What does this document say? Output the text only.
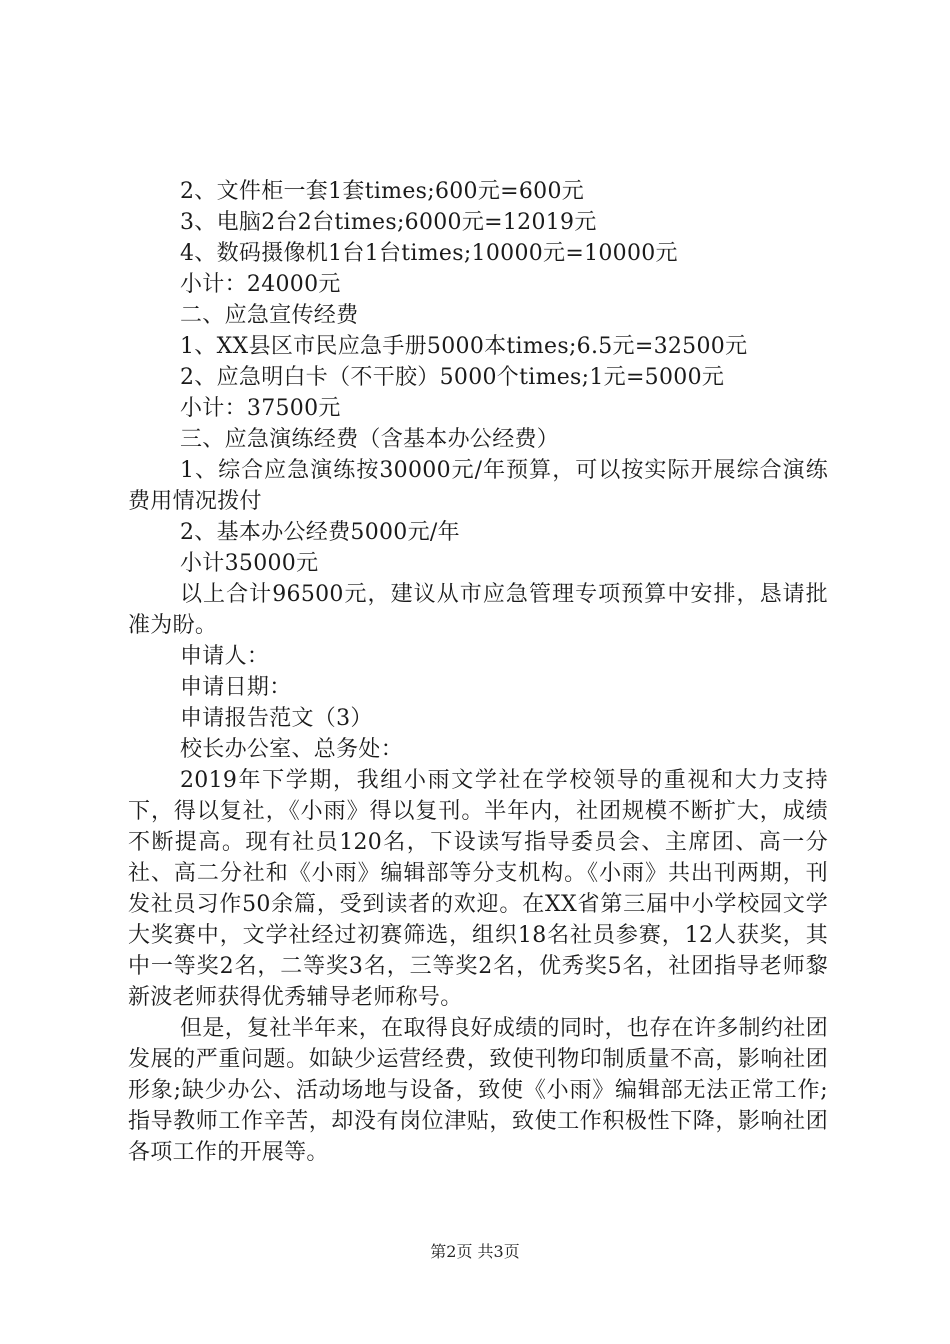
2、文件柜一套1套times;600元=600元

3、电脑2台2台times;6000元=12019元

4、数码摄像机1台1台times;10000元=10000元

小计：24000元

二、应急宣传经费

1、XX县区市民应急手册5000本times;6.5元=32500元

2、应急明白卡（不干胶）5000个times;1元=5000元

小计：37500元

三、应急演练经费（含基本办公经费）

1、综合应急演练按30000元/年预算，可以按实际开展综合演练费用情况拨付

2、基本办公经费5000元/年

小计35000元

以上合计96500元，建议从市应急管理专项预算中安排，恳请批准为盼。

申请人：

申请日期：

申请报告范文（3）

校长办公室、总务处：

2019年下学期，我组小雨文学社在学校领导的重视和大力支持下，得以复社，《小雨》得以复刊。半年内，社团规模不断扩大，成绩不断提高。现有社员120名，下设读写指导委员会、主席团、高一分社、高二分社和《小雨》编辑部等分支机构。《小雨》共出刊两期，刊发社员习作50余篇，受到读者的欢迎。在XX省第三届中小学校园文学大奖赛中，文学社经过初赛筛选，组织18名社员参赛，12人获奖，其中一等奖2名，二等奖3名，三等奖2名，优秀奖5名，社团指导老师黎新波老师获得优秀辅导老师称号。

但是，复社半年来，在取得良好成绩的同时，也存在许多制约社团发展的严重问题。如缺少运营经费，致使刊物印制质量不高，影响社团形象;缺少办公、活动场地与设备，致使《小雨》编辑部无法正常工作;指导教师工作辛苦，却没有岗位津贴，致使工作积极性下降，影响社团各项工作的开展等。

第2页 共3页
